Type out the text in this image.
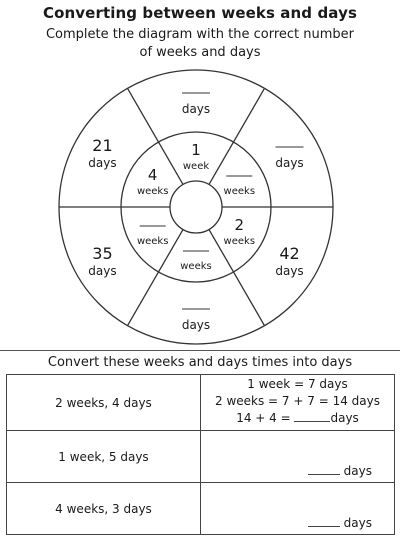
Converting between weeks and days
Complete the diagram with the correct number of weeks and days
days
days
42
days
days
35
days
21
days
1
week
weeks
2
weeks
weeks
weeks
4
weeks
Convert these weeks and days times into days
2 weeks, 4 days	1 week = 7 days
2 weeks = 7 + 7 = 14 days
14 + 4 = days

1 week, 5 days	days

4 weeks, 3 days	days
